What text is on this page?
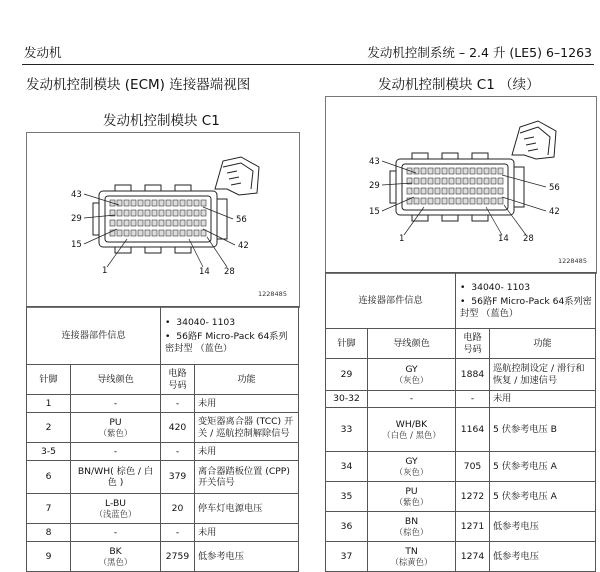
发动机	发动机控制系统 – 2.4 升 (LE5) 6–1263
发动机控制模块 (ECM) 连接器端视图
发动机控制模块 C1
43
29
15
1
56
42
14 28
1228485
连接器部件信息		•  34040- 1103
•  56路F Micro-Pack 64系列密封型 （蓝色）	

针脚	导线颜色	电路号码	功能
1	-	-	未用
2	PU
（紫色）	420	变矩器离合器 (TCC) 开关 / 巡航控制解除信号
3-5	-	-	未用
6	BN/WH( 棕色 / 白色 )	379	离合器踏板位置 (CPP) 开关信号
7	L-BU
（浅蓝色）	20	停车灯电源电压
8	-	-	未用
9	BK
（黑色）	2759	低参考电压
发动机控制模块 C1 （续）
43
29
15
1
56
42
14 28
1228485
连接器部件信息		•  34040- 1103
•  56路F Micro-Pack 64系列密封型 （蓝色）	

针脚	导线颜色	电路号码	功能
29	GY
（灰色）	1884	巡航控制设定 / 滑行和恢复 / 加速信号
30-32	-	-	未用
33	WH/BK
（白色 / 黑色）	1164	5 伏参考电压 B
34	GY
（灰色）	705	5 伏参考电压 A
35	PU
（紫色）	1272	5 伏参考电压 A
36	BN
（棕色）	1271	低参考电压
37	TN
（棕黄色）	1274	低参考电压
